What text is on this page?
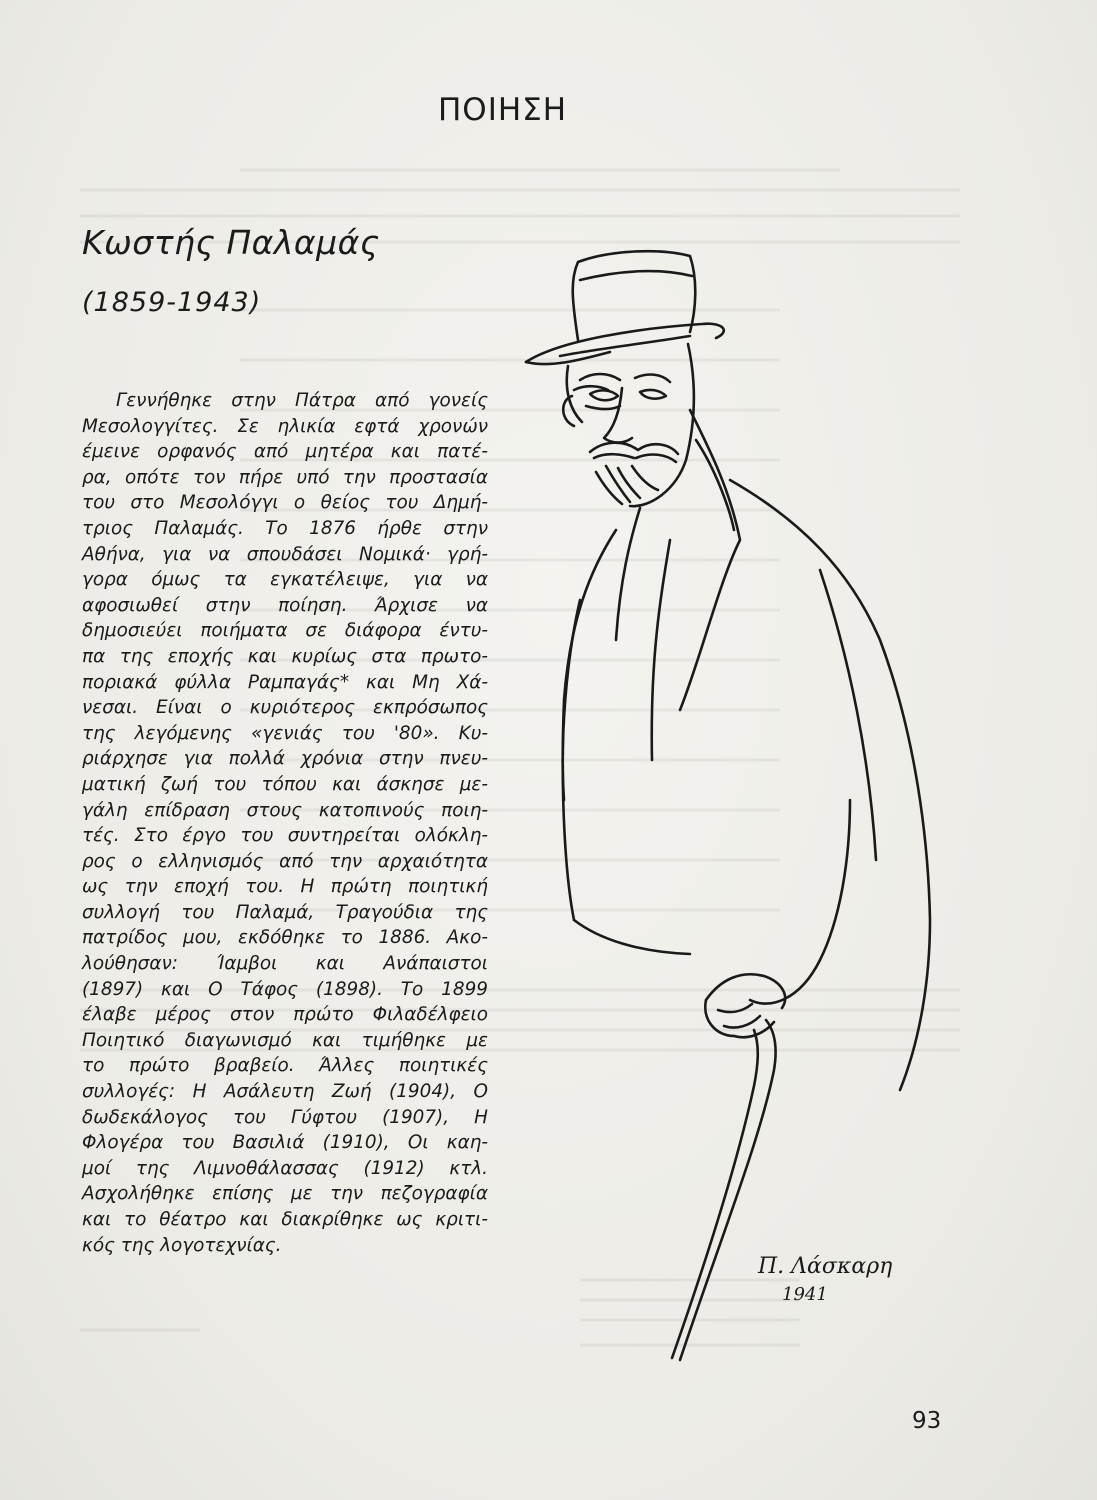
ΠΟΙΗΣΗ
Κωστής Παλαμάς

(1859-1943)

Γεννήθηκε στην Πάτρα από γονείς
Μεσολογγίτες. Σε ηλικία εφτά χρονών
έμεινε ορφανός από μητέρα και πατέ-
ρα, οπότε τον πήρε υπό την προστασία
του στο Μεσολόγγι ο θείος του Δημή-
τριος Παλαμάς. Το 1876 ήρθε στην
Αθήνα, για να σπουδάσει Νομικά· γρή-
γορα όμως τα εγκατέλειψε, για να
αφοσιωθεί στην ποίηση. Άρχισε να
δημοσιεύει ποιήματα σε διάφορα έντυ-
πα της εποχής και κυρίως στα πρωτο-
ποριακά φύλλα Ραμπαγάς* και Μη Χά-
νεσαι. Είναι ο κυριότερος εκπρόσωπος
της λεγόμενης «γενιάς του '80». Κυ-
ριάρχησε για πολλά χρόνια στην πνευ-
ματική ζωή του τόπου και άσκησε με-
γάλη επίδραση στους κατοπινούς ποιη-
τές. Στο έργο του συντηρείται ολόκλη-
ρος ο ελληνισμός από την αρχαιότητα
ως την εποχή του. Η πρώτη ποιητική
συλλογή του Παλαμά, Τραγούδια της
πατρίδος μου, εκδόθηκε το 1886. Ακο-
λούθησαν: Ίαμβοι και Ανάπαιστοι
(1897) και Ο Τάφος (1898). Το 1899
έλαβε μέρος στον πρώτο Φιλαδέλφειο
Ποιητικό διαγωνισμό και τιμήθηκε με
το πρώτο βραβείο. Άλλες ποιητικές
συλλογές: Η Ασάλευτη Ζωή (1904), Ο
δωδεκάλογος του Γύφτου (1907), Η
Φλογέρα του Βασιλιά (1910), Οι καη-
μοί της Λιμνοθάλασσας (1912) κτλ.
Ασχολήθηκε επίσης με την πεζογραφία
και το θέατρο και διακρίθηκε ως κριτι-
κός της λογοτεχνίας.
Π. Λάσκαρη
1941

93
